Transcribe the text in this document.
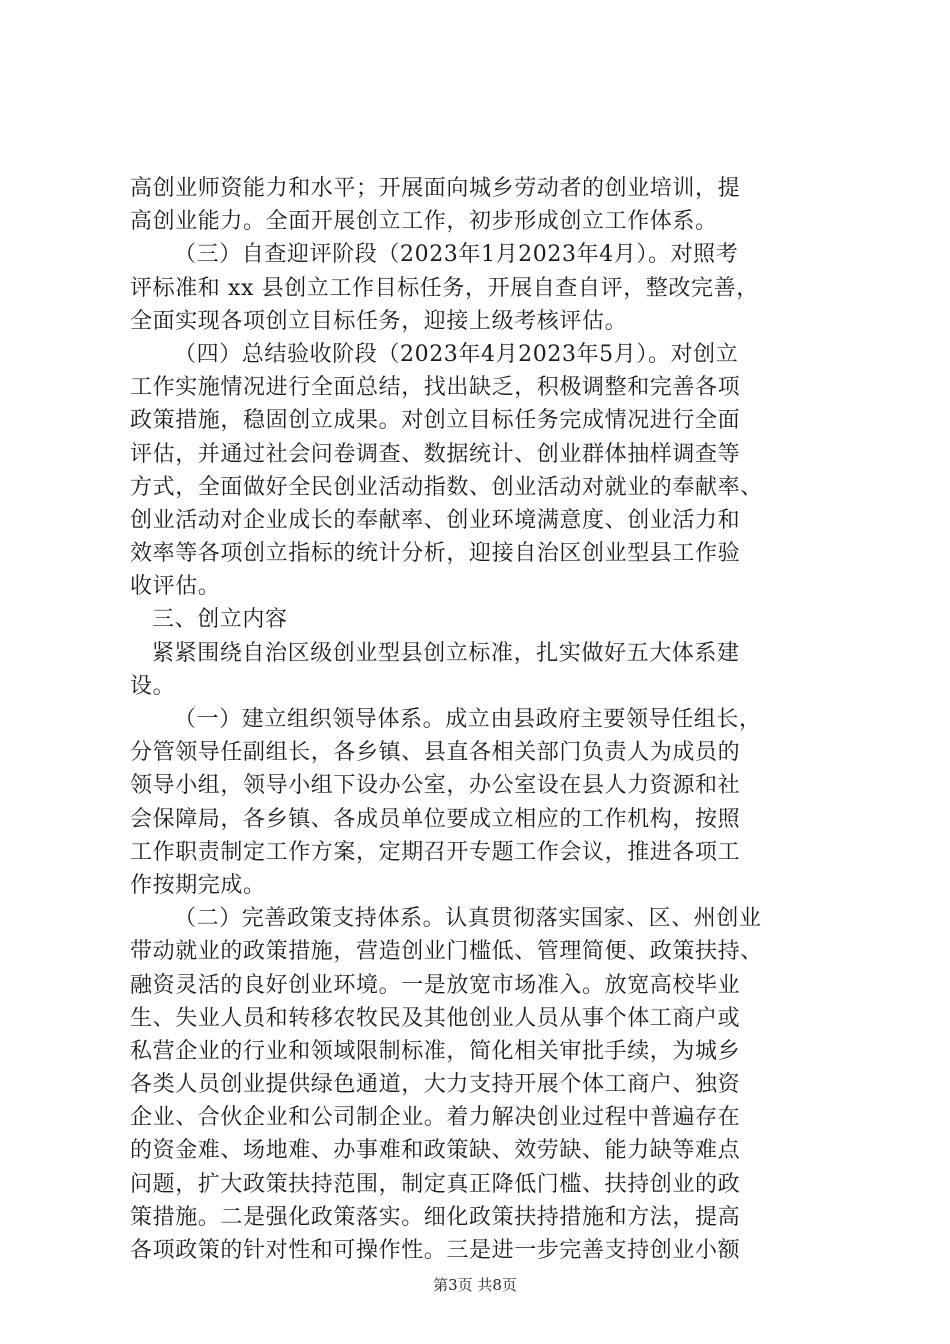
高创业师资能力和水平；开展面向城乡劳动者的创业培训，提
高创业能力。全面开展创立工作，初步形成创立工作体系。
（三）自查迎评阶段（2023年1月2023年4月）。对照考
评标准和 xx 县创立工作目标任务，开展自查自评，整改完善，
全面实现各项创立目标任务，迎接上级考核评估。
（四）总结验收阶段（2023年4月2023年5月）。对创立
工作实施情况进行全面总结，找出缺乏，积极调整和完善各项
政策措施，稳固创立成果。对创立目标任务完成情况进行全面
评估，并通过社会问卷调查、数据统计、创业群体抽样调查等
方式，全面做好全民创业活动指数、创业活动对就业的奉献率、
创业活动对企业成长的奉献率、创业环境满意度、创业活力和
效率等各项创立指标的统计分析，迎接自治区创业型县工作验
收评估。
三、创立内容
紧紧围绕自治区级创业型县创立标准，扎实做好五大体系建
设。
（一）建立组织领导体系。成立由县政府主要领导任组长，
分管领导任副组长，各乡镇、县直各相关部门负责人为成员的
领导小组，领导小组下设办公室，办公室设在县人力资源和社
会保障局，各乡镇、各成员单位要成立相应的工作机构，按照
工作职责制定工作方案，定期召开专题工作会议，推进各项工
作按期完成。
（二）完善政策支持体系。认真贯彻落实国家、区、州创业
带动就业的政策措施，营造创业门槛低、管理简便、政策扶持、
融资灵活的良好创业环境。一是放宽市场准入。放宽高校毕业
生、失业人员和转移农牧民及其他创业人员从事个体工商户或
私营企业的行业和领域限制标准，简化相关审批手续，为城乡
各类人员创业提供绿色通道，大力支持开展个体工商户、独资
企业、合伙企业和公司制企业。着力解决创业过程中普遍存在
的资金难、场地难、办事难和政策缺、效劳缺、能力缺等难点
问题，扩大政策扶持范围，制定真正降低门槛、扶持创业的政
策措施。二是强化政策落实。细化政策扶持措施和方法，提高
各项政策的针对性和可操作性。三是进一步完善支持创业小额
第3页 共8页
